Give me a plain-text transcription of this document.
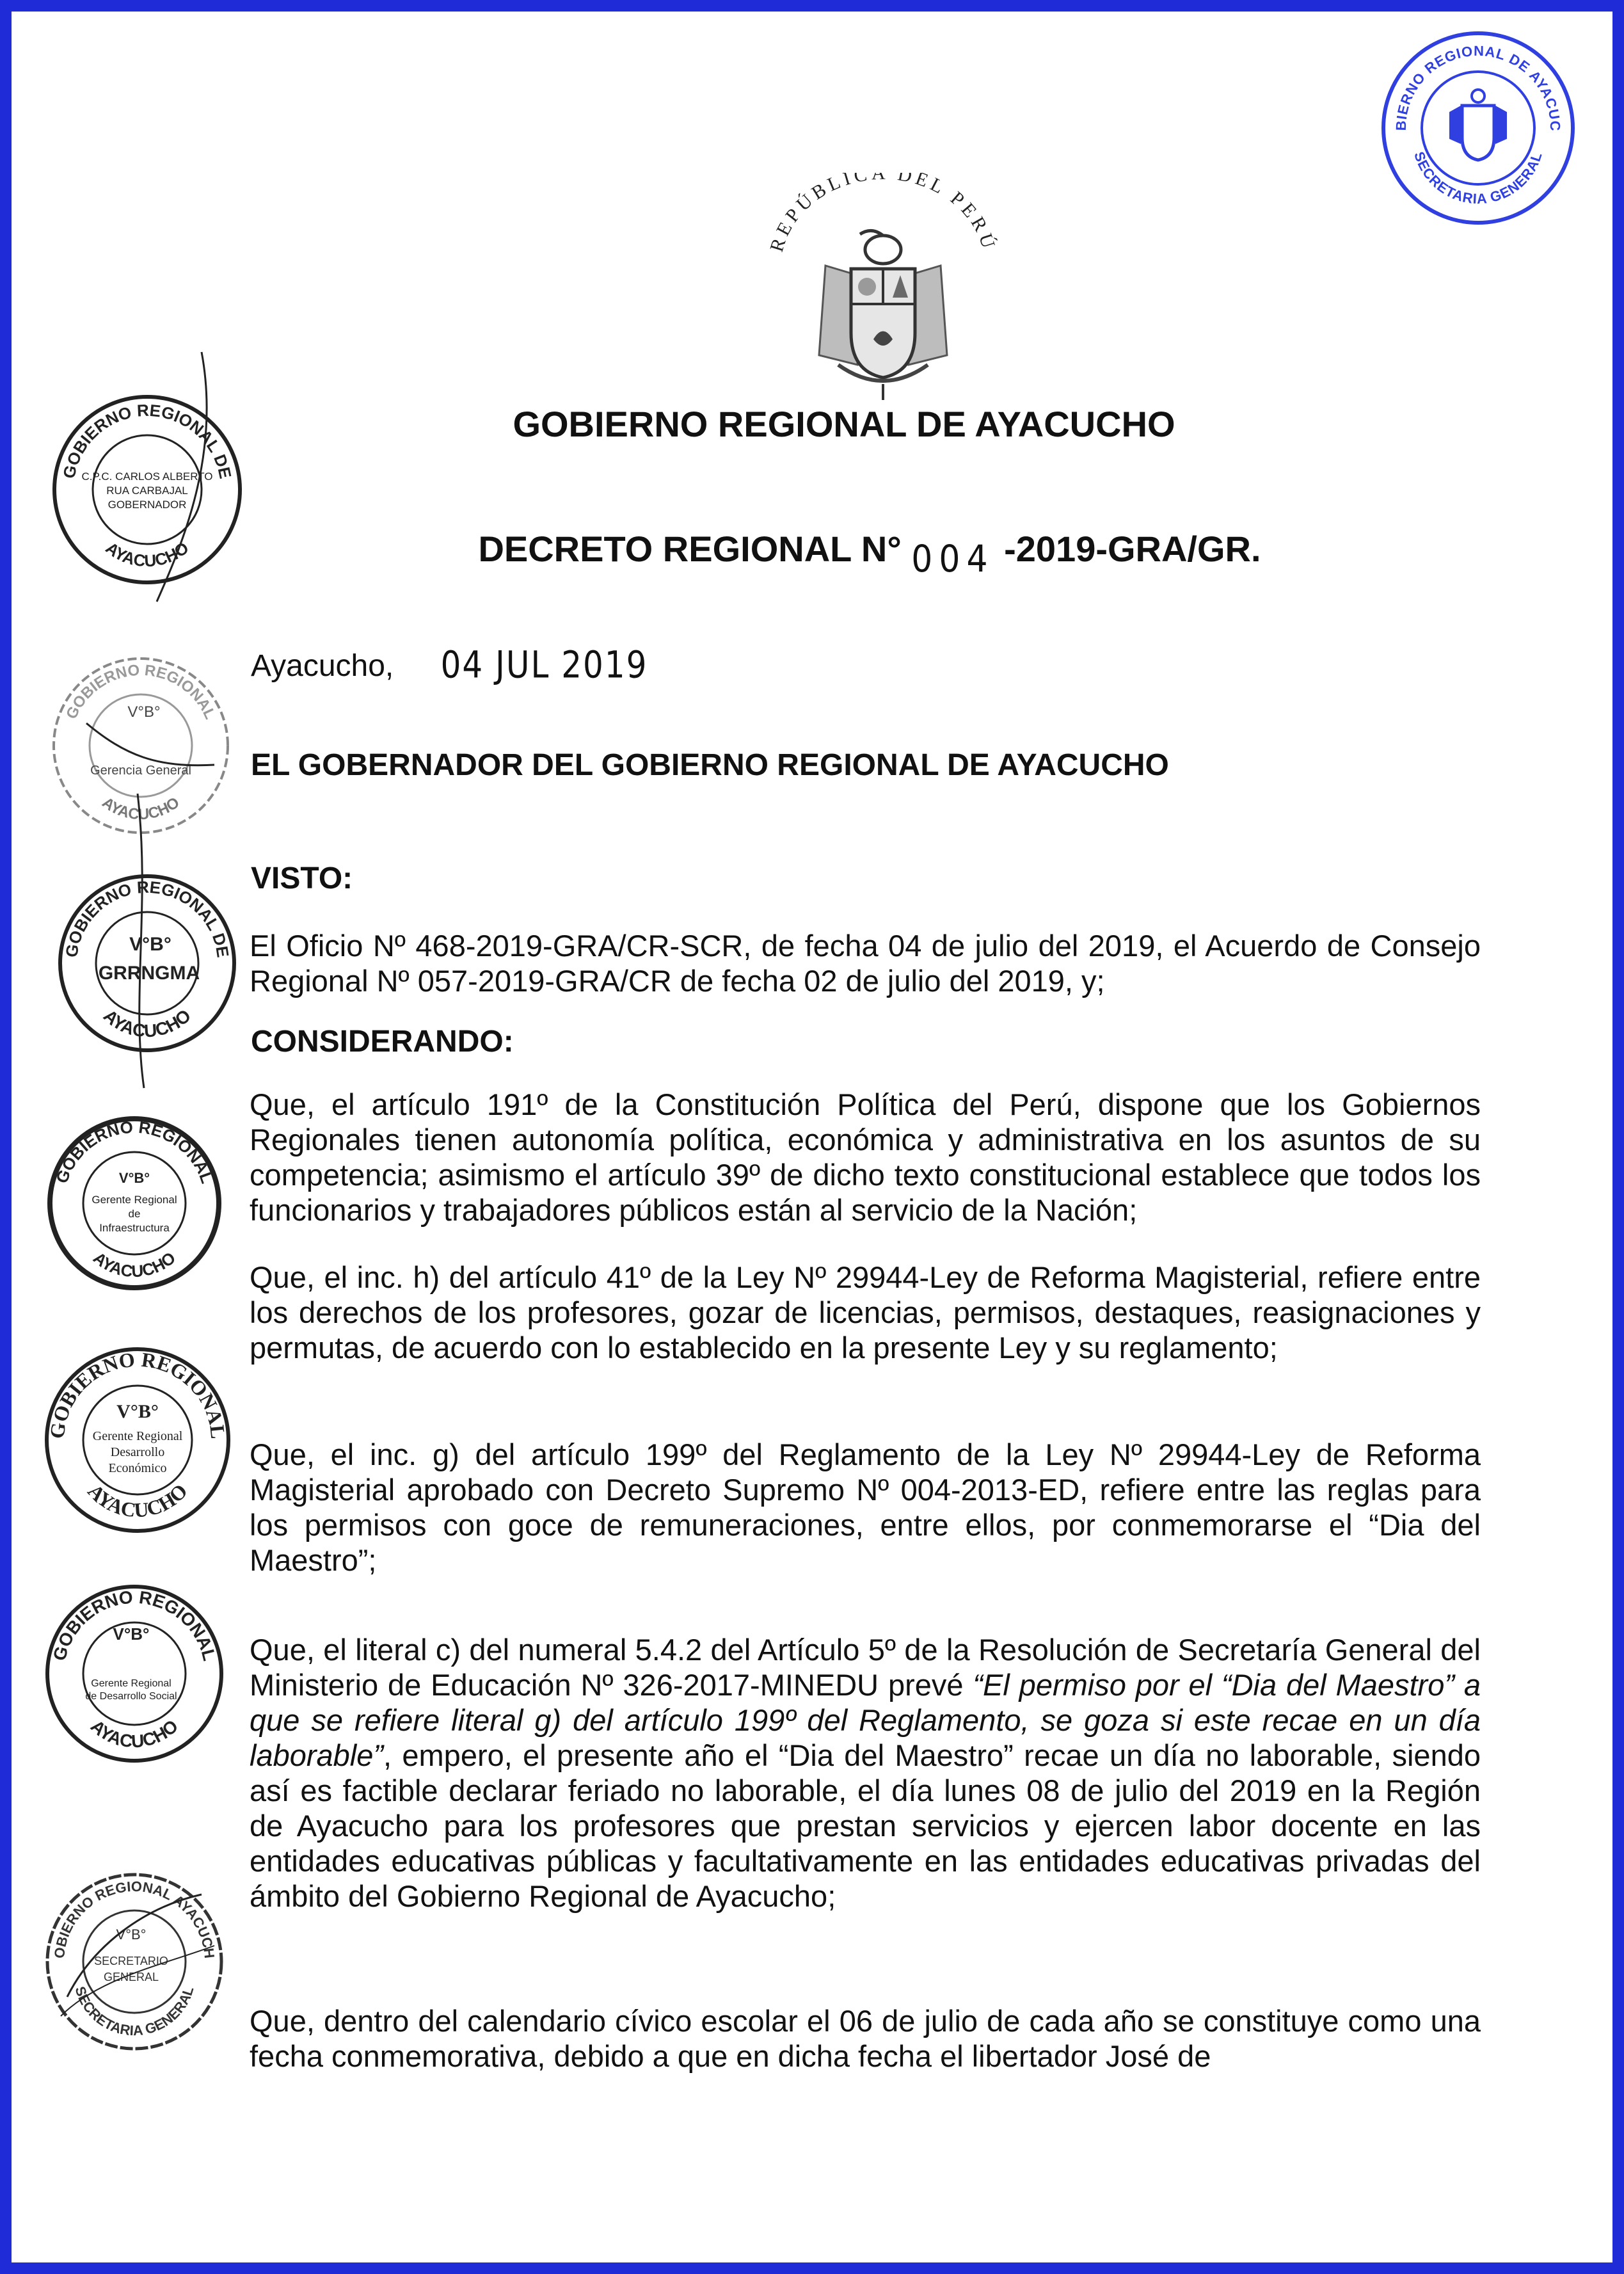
REPÚBLICA DEL PERÚ
GOBIERNO REGIONAL DE AYACUCHO
SECRETARIA GENERAL
GOBIERNO REGIONAL DE
AYACUCHO
C.P.C. CARLOS ALBERTO
RUA CARBAJAL
GOBERNADOR
GOBIERNO REGIONAL
AYACUCHO
V°B°
Gerencia General
GOBIERNO REGIONAL DE
AYACUCHO
V°B°
GRRNGMA
GOBIERNO REGIONAL
AYACUCHO
V°B°
Gerente Regional
de
Infraestructura
GOBIERNO REGIONAL
AYACUCHO
V°B°
Gerente Regional
Desarrollo
Económico
GOBIERNO REGIONAL
AYACUCHO
V°B°
Gerente Regional
de Desarrollo Social
GOBIERNO REGIONAL AYACUCHO
SECRETARIA GENERAL
V°B°
SECRETARIO
GENERAL
GOBIERNO REGIONAL DE AYACUCHO
DECRETO REGIONAL N° 004 -2019-GRA/GR.
Ayacucho, 04 JUL 2019
EL GOBERNADOR DEL GOBIERNO REGIONAL DE AYACUCHO
VISTO:
El Oficio Nº 468-2019-GRA/CR-SCR, de fecha 04 de julio del 2019, el Acuerdo de Consejo Regional Nº 057-2019-GRA/CR de fecha 02 de julio del 2019, y;
CONSIDERANDO:
Que, el artículo 191º de la Constitución Política del Perú, dispone que los Gobiernos Regionales tienen autonomía política, económica y administrativa en los asuntos de su competencia; asimismo el artículo 39º de dicho texto constitucional establece que todos los funcionarios y trabajadores públicos están al servicio de la Nación;
Que, el inc. h) del artículo 41º de la Ley Nº 29944-Ley de Reforma Magisterial, refiere entre los derechos de los profesores, gozar de licencias, permisos, destaques, reasignaciones y permutas, de acuerdo con lo establecido en la presente Ley y su reglamento;
Que, el inc. g) del artículo 199º del Reglamento de la Ley Nº 29944-Ley de Reforma Magisterial aprobado con Decreto Supremo Nº 004-2013-ED, refiere entre las reglas para los permisos con goce de remuneraciones, entre ellos, por conmemorarse el “Dia del Maestro”;
Que, el literal c) del numeral 5.4.2 del Artículo 5º de la Resolución de Secretaría General del Ministerio de Educación Nº 326-2017-MINEDU prevé “El permiso por el “Dia del Maestro” a que se refiere literal g) del artículo 199º del Reglamento, se goza si este recae en un día laborable”, empero, el presente año el “Dia del Maestro” recae un día no laborable, siendo así es factible declarar feriado no laborable, el día lunes 08 de julio del 2019 en la Región de Ayacucho para los profesores que prestan servicios y ejercen labor docente en las entidades educativas públicas y facultativamente en las entidades educativas privadas del ámbito del Gobierno Regional de Ayacucho;
Que, dentro del calendario cívico escolar el 06 de julio de cada año se constituye como una fecha conmemorativa, debido a que en dicha fecha el libertador José de
